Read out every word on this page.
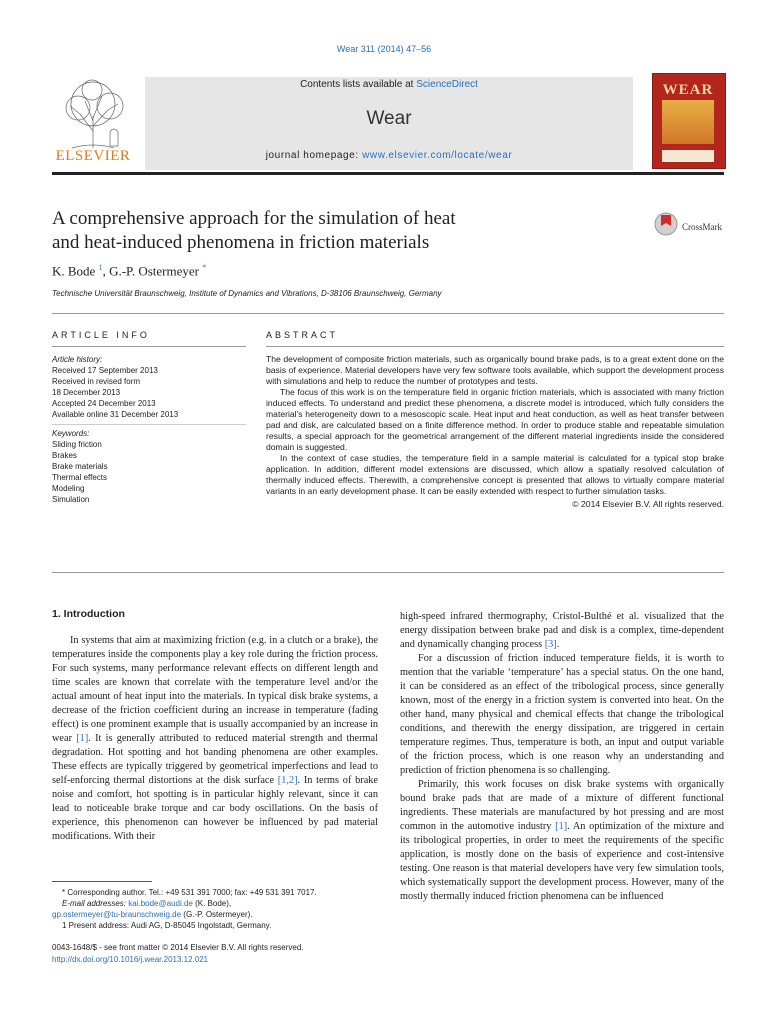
Wear 311 (2014) 47–56
ELSEVIER
Contents lists available at ScienceDirect
Wear
journal homepage: www.elsevier.com/locate/wear
WEAR
A comprehensive approach for the simulation of heat
and heat-induced phenomena in friction materials
CrossMark
K. Bode $^1$, G.-P. Ostermeyer *
Technische Universität Braunschweig, Institute of Dynamics and Vibrations, D-38106 Braunschweig, Germany
ARTICLE INFO	ABSTRACT
Article history:
Received 17 September 2013
Received in revised form
18 December 2013
Accepted 24 December 2013
Available online 31 December 2013
Keywords:
Sliding friction
Brakes
Brake materials
Thermal effects
Modeling
Simulation

The development of composite friction materials, such as organically bound brake pads, is to a great extent done on the basis of experience. Material developers have very few software tools available, which support the development process with simulations and help to reduce the number of prototypes and tests.

The focus of this work is on the temperature field in organic friction materials, which is associated with many friction induced effects. To understand and predict these phenomena, a discrete model is introduced, which fully considers the material's heterogeneity down to a mesoscopic scale. Heat input and heat conduction, as well as heat transfer between pad and disk, are calculated based on a finite difference method. In order to produce stable and repeatable simulation results, a special approach for the geometrical arrangement of the different material ingredients inside the considered domain is suggested.

In the context of case studies, the temperature field in a sample material is calculated for a typical stop brake application. In addition, different model extensions are discussed, which allow a spatially resolved calculation of thermally induced effects. Therewith, a comprehensive concept is presented that allows to virtually compare material variants in an early development phase. It can be easily extended with respect to further simulation tasks.

© 2014 Elsevier B.V. All rights reserved.
1. Introduction

In systems that aim at maximizing friction (e.g. in a clutch or a brake), the temperatures inside the components play a key role during the friction process. For such systems, many performance relevant effects on different length and time scales are known that correlate with the temperature level and/or the actual amount of heat input into the materials. In typical disk brake systems, a decrease of the friction coefficient during an increase in temperature (fading effect) is one prominent example that is usually accompanied by an increase in wear [1]. It is generally attributed to reduced material strength and thermal degradation. Hot spotting and hot banding phenomena are other examples. These effects are typically triggered by geometrical imperfections and lead to self-enforcing thermal distortions at the disk surface [1,2]. In terms of brake noise and comfort, hot spotting is in particular highly relevant, since it can lead to noticeable brake torque and car body oscillations. On the basis of experience, this phenomenon can however be influenced by pad material modifications. With their

high-speed infrared thermography, Cristol-Bulthé et al. visualized that the energy dissipation between brake pad and disk is a complex, time-dependent and dynamically changing process [3].

For a discussion of friction induced temperature fields, it is worth to mention that the variable ‘temperature’ has a special status. On the one hand, it can be considered as an effect of the tribological process, since generally known, most of the energy in a friction system is converted into heat. On the other hand, many physical and chemical effects that change the tribological conditions, and therewith the energy dissipation, are triggered in certain temperature regimes. Thus, temperature is both, an input and output variable of the friction process, which is one reason why an understanding and prediction of friction phenomena is so challenging.

Primarily, this work focuses on disk brake systems with organically bound brake pads that are made of a mixture of different functional ingredients. These materials are manufactured by hot pressing and are most common in the automotive industry [1]. An optimization of the mixture and its tribological properties, in order to meet the requirements of the specific application, is mostly done on the basis of experience and cost-intensive testing. One reason is that material developers have very few simulation tools, which systematically support the development process. However, many of the mostly thermally induced friction phenomena can be influenced

* Corresponding author. Tel.: +49 531 391 7000; fax: +49 531 391 7017.
E-mail addresses: kai.bode@audi.de (K. Bode),
gp.ostermeyer@tu-braunschweig.de (G.-P. Ostermeyer).
1 Present address: Audi AG, D-85045 Ingolstadt, Germany.
0043-1648/$ - see front matter © 2014 Elsevier B.V. All rights reserved.
http://dx.doi.org/10.1016/j.wear.2013.12.021
